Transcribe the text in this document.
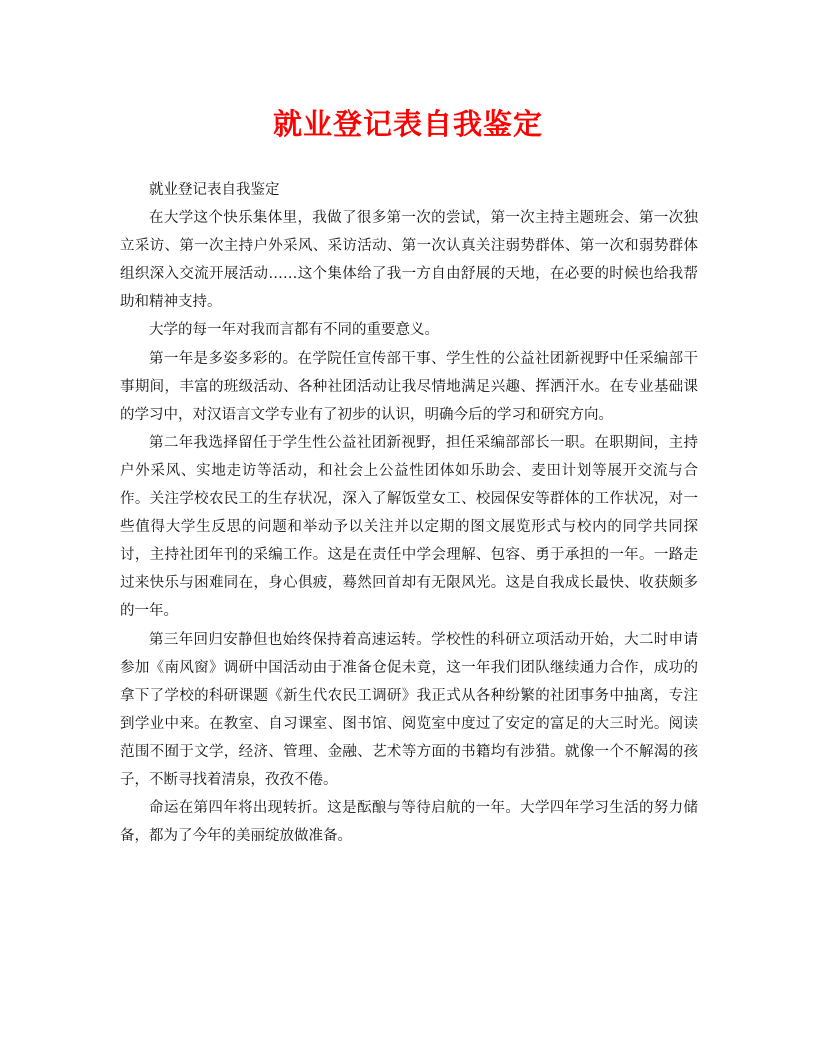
就业登记表自我鉴定

就业登记表自我鉴定

在大学这个快乐集体里，我做了很多第一次的尝试，第一次主持主题班会、第一次独立采访、第一次主持户外采风、采访活动、第一次认真关注弱势群体、第一次和弱势群体组织深入交流开展活动……这个集体给了我一方自由舒展的天地，在必要的时候也给我帮助和精神支持。

大学的每一年对我而言都有不同的重要意义。

第一年是多姿多彩的。在学院任宣传部干事、学生性的公益社团新视野中任采编部干事期间，丰富的班级活动、各种社团活动让我尽情地满足兴趣、挥洒汗水。在专业基础课的学习中，对汉语言文学专业有了初步的认识，明确今后的学习和研究方向。

第二年我选择留任于学生性公益社团新视野，担任采编部部长一职。在职期间，主持户外采风、实地走访等活动，和社会上公益性团体如乐助会、麦田计划等展开交流与合作。关注学校农民工的生存状况，深入了解饭堂女工、校园保安等群体的工作状况，对一些值得大学生反思的问题和举动予以关注并以定期的图文展览形式与校内的同学共同探讨，主持社团年刊的采编工作。这是在责任中学会理解、包容、勇于承担的一年。一路走过来快乐与困难同在，身心俱疲，蓦然回首却有无限风光。这是自我成长最快、收获颇多的一年。

第三年回归安静但也始终保持着高速运转。学校性的科研立项活动开始，大二时申请参加《南风窗》调研中国活动由于准备仓促未竟，这一年我们团队继续通力合作，成功的拿下了学校的科研课题《新生代农民工调研》我正式从各种纷繁的社团事务中抽离，专注到学业中来。在教室、自习课室、图书馆、阅览室中度过了安定的富足的大三时光。阅读范围不囿于文学，经济、管理、金融、艺术等方面的书籍均有涉猎。就像一个不解渴的孩子，不断寻找着清泉，孜孜不倦。

命运在第四年将出现转折。这是酝酿与等待启航的一年。大学四年学习生活的努力储备，都为了今年的美丽绽放做准备。
